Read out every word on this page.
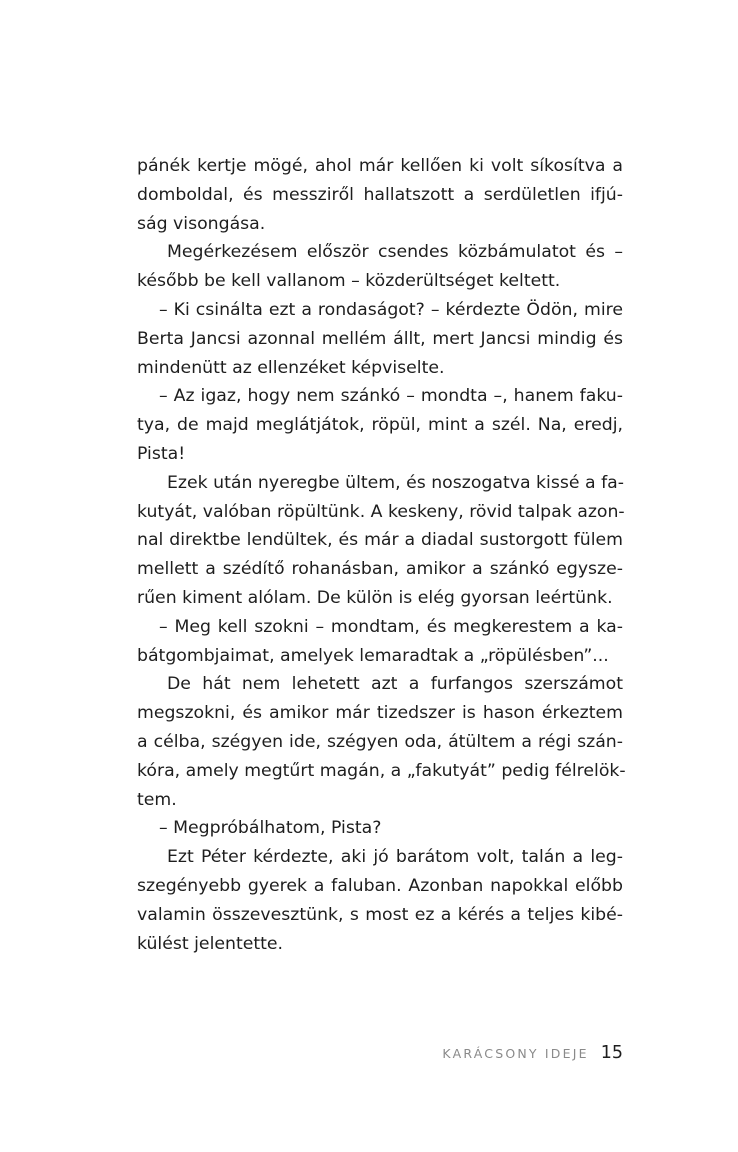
pánék kertje mögé, ahol már kellően ki volt síkosítva a
domboldal, és messziről hallatszott a serdületlen ifjú-
ság visongása.
Megérkezésem először csendes közbámulatot és –
később be kell vallanom – közderültséget keltett.
– Ki csinálta ezt a rondaságot? – kérdezte Ödön, mire
Berta Jancsi azonnal mellém állt, mert Jancsi mindig és
mindenütt az ellenzéket képviselte.
– Az igaz, hogy nem szánkó – mondta –, hanem faku-
tya, de majd meglátjátok, röpül, mint a szél. Na, eredj,
Pista!
Ezek után nyeregbe ültem, és noszogatva kissé a fa-
kutyát, valóban röpültünk. A keskeny, rövid talpak azon-
nal direktbe lendültek, és már a diadal sustorgott fülem
mellett a szédítő rohanásban, amikor a szánkó egysze-
rűen kiment alólam. De külön is elég gyorsan leértünk.
– Meg kell szokni – mondtam, és megkerestem a ka-
bátgombjaimat, amelyek lemaradtak a „röpülésben”...
De hát nem lehetett azt a furfangos szerszámot
megszokni, és amikor már tizedszer is hason érkeztem
a célba, szégyen ide, szégyen oda, átültem a régi szán-
kóra, amely megtűrt magán, a „fakutyát” pedig félrelök-
tem.
– Megpróbálhatom, Pista?
Ezt Péter kérdezte, aki jó barátom volt, talán a leg-
szegényebb gyerek a faluban. Azonban napokkal előbb
valamin összevesztünk, s most ez a kérés a teljes kibé-
külést jelentette.
KARÁCSONY IDEJE 15
